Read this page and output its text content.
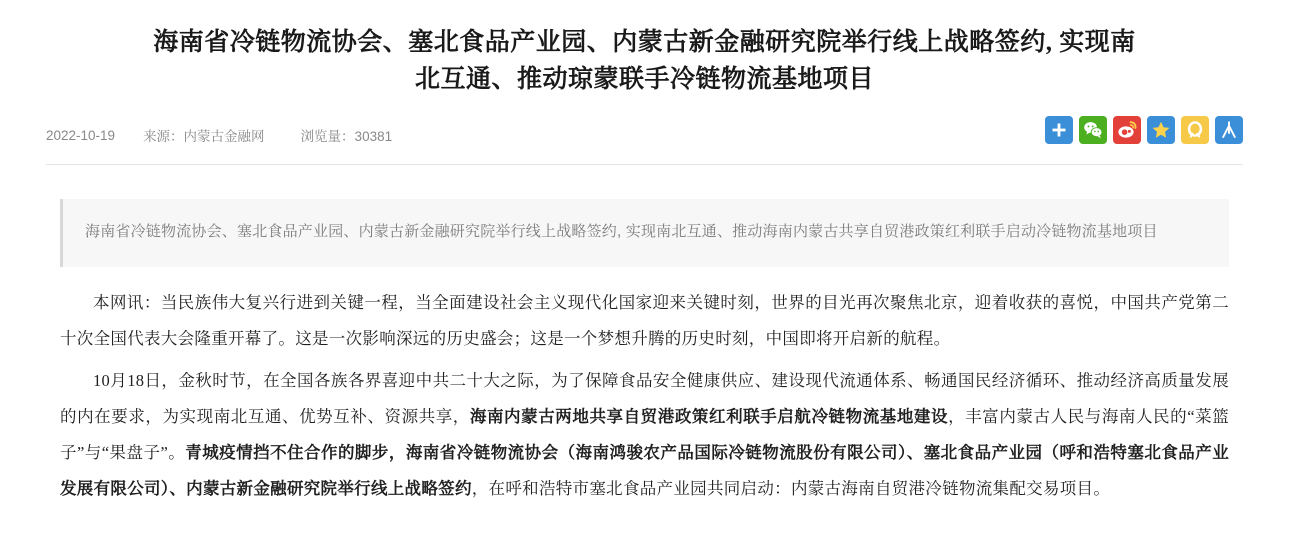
海南省冷链物流协会、塞北食品产业园、内蒙古新金融研究院举行线上战略签约, 实现南北互通、推动琼蒙联手冷链物流基地项目
2022-10-19 来源：内蒙古金融网	浏览量：30381

海南省冷链物流协会、塞北食品产业园、内蒙古新金融研究院举行线上战略签约, 实现南北互通、推动海南内蒙古共享自贸港政策红利联手启动冷链物流基地项目

本网讯：当民族伟大复兴行进到关键一程，当全面建设社会主义现代化国家迎来关键时刻，世界的目光再次聚焦北京，迎着收获的喜悦，中国共产党第二十次全国代表大会隆重开幕了。这是一次影响深远的历史盛会；这是一个梦想升腾的历史时刻，中国即将开启新的航程。

10月18日，金秋时节，在全国各族各界喜迎中共二十大之际，为了保障食品安全健康供应、建设现代流通体系、畅通国民经济循环、推动经济高质量发展的内在要求，为实现南北互通、优势互补、资源共享，海南内蒙古两地共享自贸港政策红利联手启航冷链物流基地建设，丰富内蒙古人民与海南人民的“菜篮子”与“果盘子”。青城疫情挡不住合作的脚步，海南省冷链物流协会（海南鸿骏农产品国际冷链物流股份有限公司）、塞北食品产业园（呼和浩特塞北食品产业发展有限公司）、内蒙古新金融研究院举行线上战略签约，在呼和浩特市塞北食品产业园共同启动：内蒙古海南自贸港冷链物流集配交易项目。
